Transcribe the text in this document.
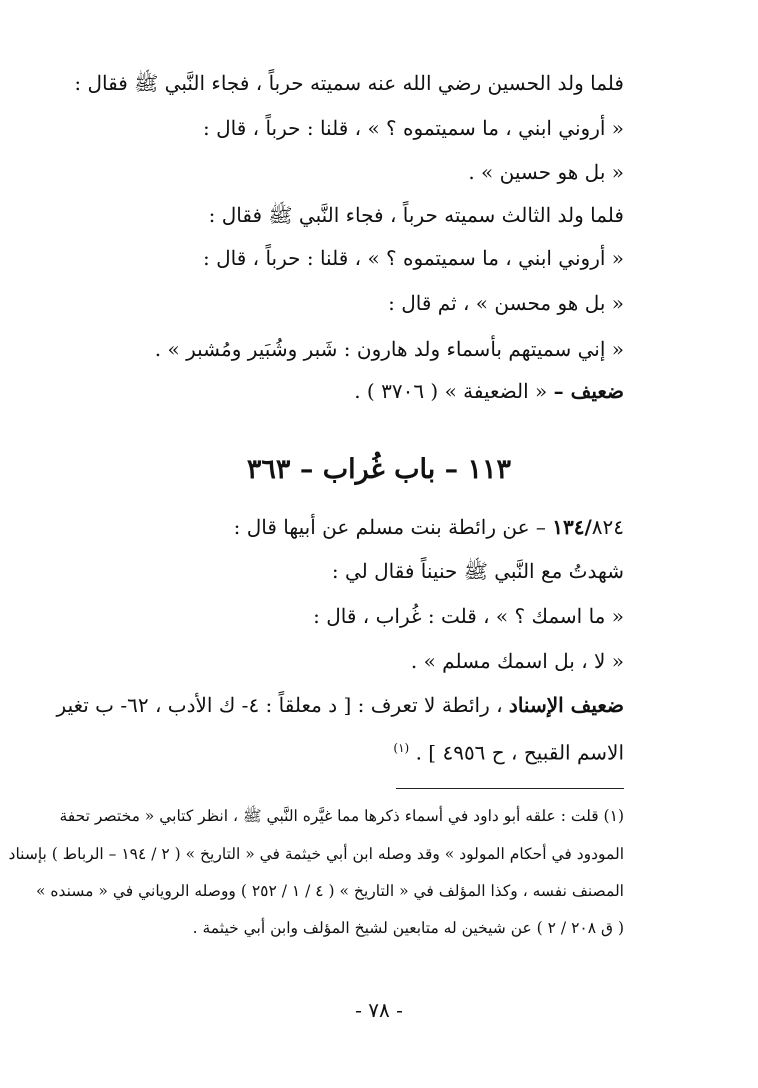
فلما ولد الحسين رضي الله عنه سميته حرباً ، فجاء النَّبي ﷺ فقال :
« أروني ابني ، ما سميتموه ؟ » ، قلنا : حرباً ، قال :
« بل هو حسين » .
فلما ولد الثالث سميته حرباً ، فجاء النَّبي ﷺ فقال :
« أروني ابني ، ما سميتموه ؟ » ، قلنا : حرباً ، قال :
« بل هو محسن » ، ثم قال :
« إني سميتهم بأسماء ولد هارون : شَبر وشُبَير ومُشبر » .
ضعيف – « الضعيفة » ( ٣٧٠٦ ) .
١١٣ – باب غُراب – ٣٦٣
١٣٤/٨٢٤ – عن رائطة بنت مسلم عن أبيها قال :
شهدتُ مع النَّبي ﷺ حنيناً فقال لي :
« ما اسمك ؟ » ، قلت : غُراب ، قال :
« لا ، بل اسمك مسلم » .
ضعيف الإسناد ، رائطة لا تعرف : [ د معلقاً : ٤- ك الأدب ، ٦٢- ب تغير
الاسم القبيح ، ح ٤٩٥٦ ] . $^{(١)}$
(١) قلت : علقه أبو داود في أسماء ذكرها مما غيَّره النَّبي ﷺ ، انظر كتابي « مختصر تحفة
المودود في أحكام المولود » وقد وصله ابن أبي خيثمة في « التاريخ » ( ٢ / ١٩٤ – الرباط ) بإسناد
المصنف نفسه ، وكذا المؤلف في « التاريخ » ( ٤ / ١ / ٢٥٢ ) ووصله الروياني في « مسنده »
( ق ٢٠٨ / ٢ ) عن شيخين له متابعين لشيخ المؤلف وابن أبي خيثمة .
- ٧٨ -
